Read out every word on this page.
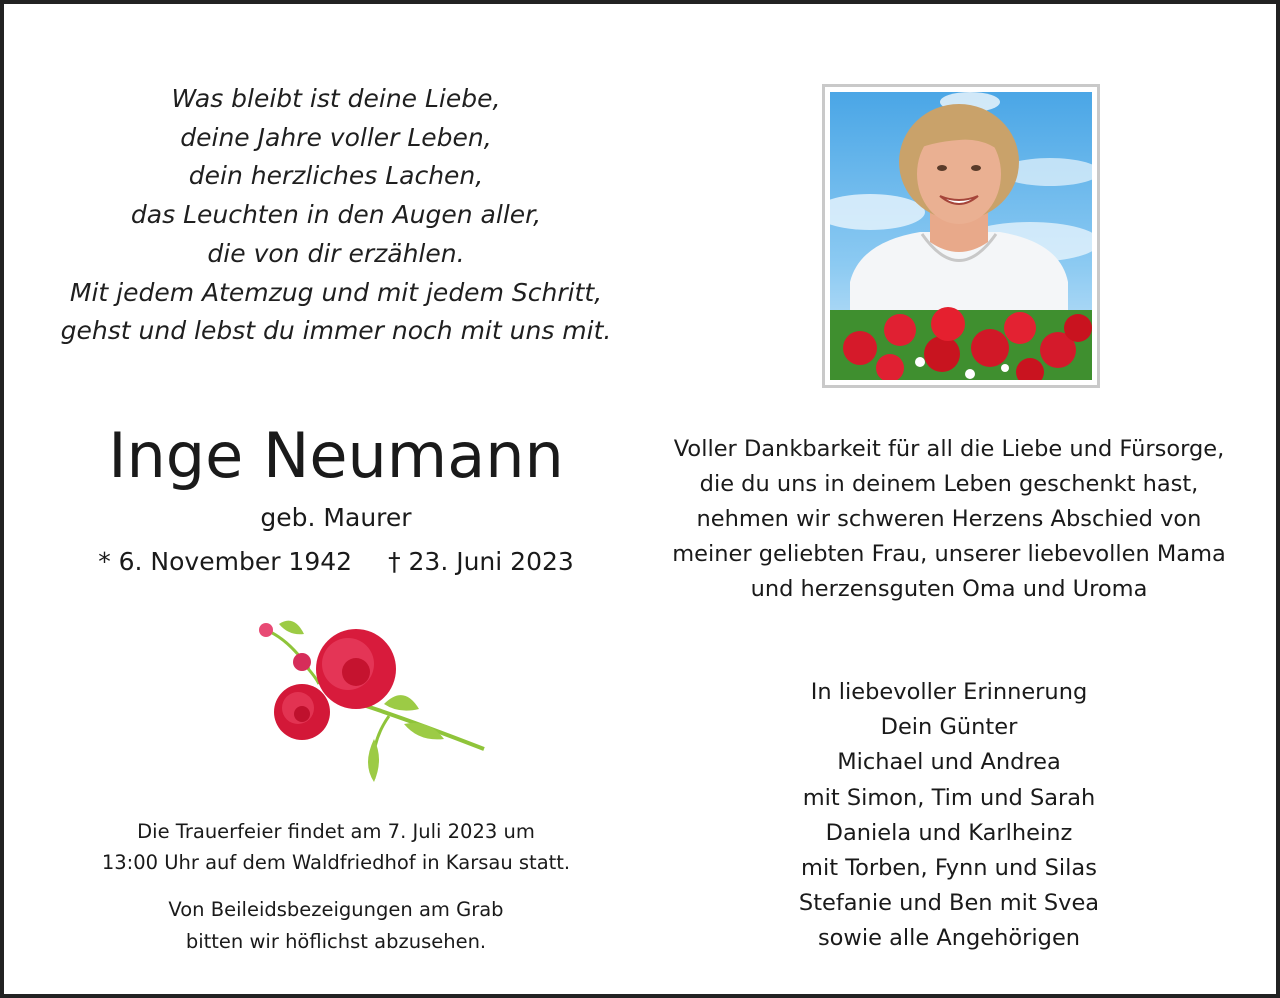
Was bleibt ist deine Liebe,
deine Jahre voller Leben,
dein herzliches Lachen,
das Leuchten in den Augen aller,
die von dir erzählen.
Mit jedem Atemzug und mit jedem Schritt,
gehst und lebst du immer noch mit uns mit.
Inge Neumann
geb. Maurer
* 6. November 1942 † 23. Juni 2023
Die Trauerfeier findet am 7. Juli 2023 um
13:00 Uhr auf dem Waldfriedhof in Karsau statt.
Von Beileidsbezeigungen am Grab
bitten wir höflichst abzusehen.
Voller Dankbarkeit für all die Liebe und Fürsorge,
die du uns in deinem Leben geschenkt hast,
nehmen wir schweren Herzens Abschied von
meiner geliebten Frau, unserer liebevollen Mama
und herzensguten Oma und Uroma
In liebevoller Erinnerung
Dein Günter
Michael und Andrea
mit Simon, Tim und Sarah
Daniela und Karlheinz
mit Torben, Fynn und Silas
Stefanie und Ben mit Svea
sowie alle Angehörigen
